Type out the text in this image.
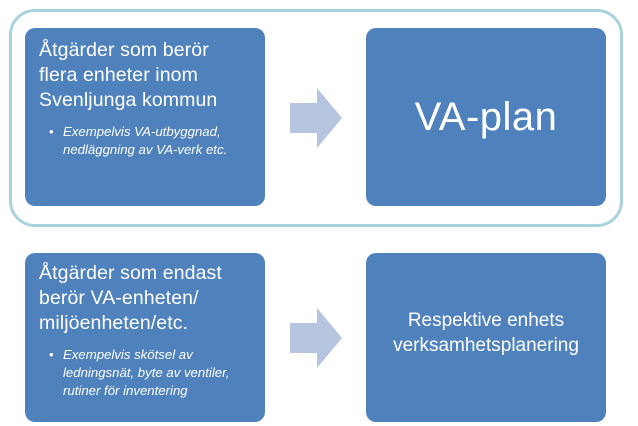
Åtgärder som berör
flera enheter inom
Svenljunga kommun

• Exempelvis VA-utbyggnad,
nedläggning av VA-verk etc.

VA-plan

Åtgärder som endast
berör VA-enheten/
miljöenheten/etc.

• Exempelvis skötsel av
ledningsnät, byte av ventiler,
rutiner för inventering

Respektive enhets
verksamhetsplanering
